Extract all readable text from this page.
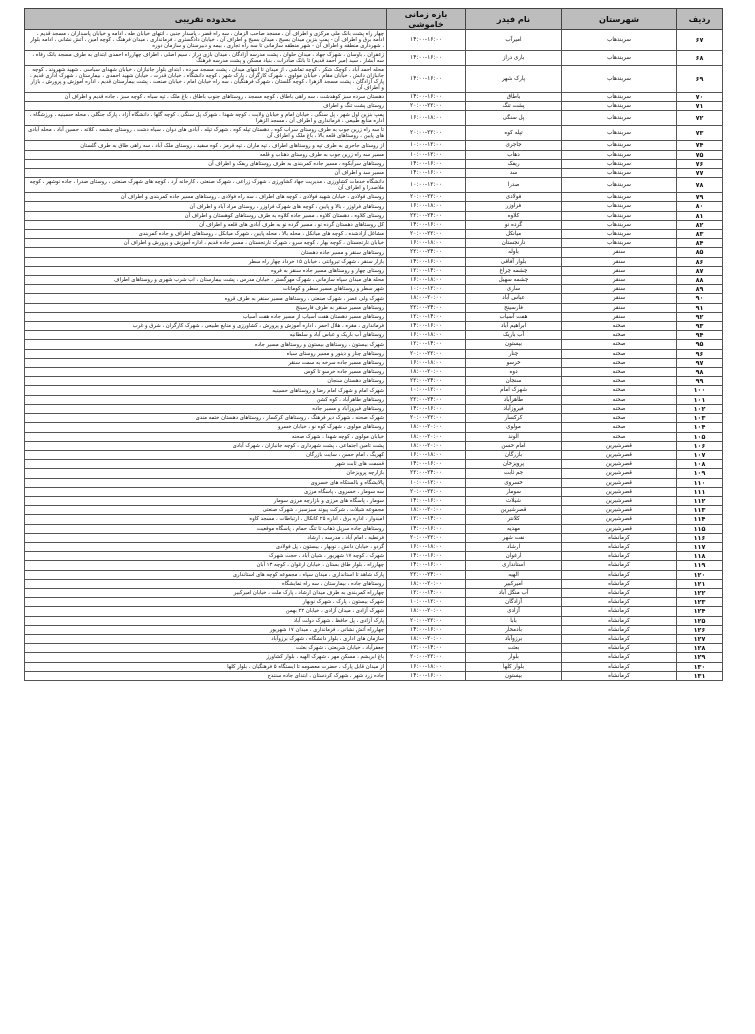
ردیف	شهرستان	نام فیدر	بازه زمانی خاموشی	محدوده تقریبی
۶۷	سربندهاب	امیرآب	۱۴:۰۰-۱۶:۰۰	چهار راه پشت بانک ملی مرکزی و اطراف آن ، مسجد صاحب الزمان ، سه راه قصر ، پاسدار جنبی ، انتهای خیابان طه ، ادامه و خیابان پاسداران ، مسجد قدیم ، ادامه برق و اطراف آن - پمپ بنزین میدان بسیج ، میدان بسیج و اطراف آن ، خیابان دادگستری ، فرمانداری ، میدان فرهنگ ، کوچه امین ، آتش نشانی ، ادامه بلوار ، شهرداری منطقه و اطراف آن - شهر منطقه سازمانی تا سه راه تجاری ، بیمه و دبیرستان و سازمان دوره
۶۸	سربندهاب	باری دراز	۱۴:۰۰-۱۶:۰۰	زعفران ، باوسان ، شهرک جهاد ، میدان حلوان ، پشت مدرسه آزادگان ، میدان بازی دراز ، سیم اصلی ، اطراف چهارراه احمدی ابتدای به طرف مسجد بانک رفاه ، سه آبشار ، سید (میر احمد قدیم) تا بانک صادرات ، بنیاد مسکن و پشت مدرسه فرهنگ
۶۹	سربندهاب	پارک شهر	۱۴:۰۰-۱۶:۰۰	محله احمد آباد ، کوچک شکر ، کوچه تماشی ، از میدان تا انتهای میدان ، پشت مسجد سرده ، ابتدای بلوار جانبازان ، خیابان شهدای سیاسی ، شهید شهروند ، کوچه جانبازان دانش ، خیابان مقام ، خیابان مولوی ، شهرک کارگران ، پارک شهر ، کوچه دانشگاه ، خیابان قدرت ، خیابان شهید احمدی ، بیمارستان ، شهرک اداری قدیم ، پارک آزادگان ، پشت مسجد الزهرا ، کوچه گلستان ، شهرک فرهنگیان ، سه راه خیابان امام ، خیابان صنعت ، پشت بیمارستان قدیم ، اداره آموزش و پرورش ، بازار و اطراف آن
۷۰	سربندهاب	باطاق	۱۴:۰۰-۱۶:۰۰	دهستان سرده سبز کوهدشت ، سه راهی باطاق ، کوچه مسجد ، روستاهای جنوب باطاق ، باغ ملک ، تپه سیاه ، کوچه سبز ، جاده قدیم و اطراف آن
۷۱	سربندهاب	پشت تنگ	۲۰:۰۰-۲۲:۰۰	روستای پشت تنگ و اطراف
۷۲	سربندهاب	پل سنگی	۱۶:۰۰-۱۸:۰۰	پمپ بنزین اول شهر ، پل سنگی ، خیابان امام و خیابان ولایت ، کوچه شهدا ، شهرک پل سنگی ، کوچه گلها ، دانشگاه آزاد ، پارک جنگلی ، محله حسینیه ، ورزشگاه ، اداره منابع طبیعی ، فرمانداری و اطراف آن ، مسجد الزهرا
۷۳	سربندهاب	تپله کوه	۲۰:۰۰-۲۲:۰۰	تا سه راه زرین جوب به طرف روستای سراب کوه ، دهستان تپله کوه ، شهرک تپله ، آبادی های دوان ، سیاه دشت ، روستای چشمه ، کلاته ، حسین آباد ، محله آبادی های پایین ، روستاهای قلعه بالا ، باغ ملک و اطراف آن
۷۴	سربندهاب	جاجری	۱۰:۰۰-۱۲:۰۰	از روستای جاجری به طرف تپه و روستاهای اطراف ، تپه ماران ، تپه قرمز ، کوه سفید ، روستای ملک آباد ، سه راهی طاق به طرف گلستان
۷۵	سربندهاب	دهاب	۱۰:۰۰-۱۲:۰۰	مسیر سه راه زرین جوب به طرف روستای دهناب و قلعه
۷۶	سربندهاب	ریفک	۱۴:۰۰-۱۶:۰۰	روستاهای سرآبکوه ، مسیر جاده کمربندی به طرف روستاهای ریفک و اطراف آن
۷۷	سربندهاب	سد	۱۴:۰۰-۱۶:۰۰	مسیر سد و اطراف آن
۷۸	سربندهاب	صدرا	۱۰:۰۰-۱۲:۰۰	دانشگاه خدمات کشاورزی ، مدیریت جهاد کشاورزی ، شهرک زراعی ، شهرک صنعتی ، کارخانه آرد ، کوچه های شهرک صنعتی ، روستای صدرا ، جاده نوشهر ، کوچه ملاصدرا و اطراف آن
۷۹	سربندهاب	فولادی	۲۰:۰۰-۲۲:۰۰	روستای فولادی ، خیابان شهید فولادی ، کوچه های اطراف ، سه راه فولادی ، روستاهای مسیر جاده کمربندی و اطراف آن
۸۰	سربندهاب	فراوزر	۱۶:۰۰-۱۸:۰۰	روستاهای فراوزر ، بالا و پایین ، کوچه های شهرک فراوزر ، روستای مراد آباد و اطراف آن
۸۱	سربندهاب	کلاوه	۲۲:۰۰-۲۴:۰۰	روستای کلاوه ، دهستان کلاوه ، مسیر جاده کلاوه به طرف روستاهای کوهستان و اطراف آن
۸۲	سربندهاب	گرده نو	۱۴:۰۰-۱۶:۰۰	کل روستاهای دهستان گرده نو ، مسیر گرده نو به طرف آبادی های قلعه و اطراف آن
۸۳	سربندهاب	میانکل	۲۰:۰۰-۲۲:۰۰	مشاغل آزادشده ، کوچه های میانکل ، محله بالا ، محله پایین ، شهرک میانکل ، روستاهای اطراف و جاده کمربندی
۸۴	سربندهاب	نارنجستان	۱۶:۰۰-۱۸:۰۰	خیابان نارنجستان ، کوچه بهار ، کوچه سرو ، شهرک نارنجستان ، مسیر جاده قدیم ، اداره آموزش و پرورش و اطراف آن
۸۵	سنقر	باوله	۲۲:۰۰-۲۴:۰۰	روستاهای سنقر و مسیر جاده دهستان
۸۶	سنقر	بلوار آفاقی	۱۴:۰۰-۱۶:۰۰	بازار سنقر ، شهرک تیروانتی ، خیابان ۱۵ خرداد چهار راه سطر
۸۷	سنقر	چشمه چراغ	۱۲:۰۰-۱۴:۰۰	روستای چهار و روستاهای مسیر جاده سنقر به فروه
۸۸	سنقر	چشمه سهیل	۱۶:۰۰-۱۸:۰۰	محله های میدان سپاه سازمانی ، شهرک مهرگستر ، خیابان مدرس ، پشت بیمارستان ، اب شرب شهری و روستاهای اطراف
۸۹	سنقر	ساری	۱۰:۰۰-۱۲:۰۰	شهر سطر و روستاهای مسیر سطر و کوماتات
۹۰	سنقر	عباس آباد	۱۸:۰۰-۲۰:۰۰	شهرک ولی عصر ، شهرک صنعتی ، روستاهای مسیر سنقر به طرف قروه
۹۱	سنقر	فارسینج	۲۲:۰۰-۲۴:۰۰	روستاهای مسیر سنقر به طرف فارسینج
۹۲	سنقر	هفت آسیاب	۱۲:۰۰-۱۴:۰۰	روستاهای مسیر دهستان هفت آسیاب از مسیر جاده هفت آسیاب
۹۳	صحنه	ابراهیم آباد	۱۴:۰۰-۱۶:۰۰	فرمانداری ، مقره ، هلال احمر ، اداره آموزش و پرورش ، کشاورزی و منابع طبیعی ، شهرک کارگران ، شرق و غرب
۹۴	صحنه	آب باریک	۱۶:۰۰-۱۸:۰۰	روستاهای آب باریک و عباس آباد و سلطانیه
۹۵	صحنه	بیستون	۱۲:۰۰-۱۴:۰۰	شهرک بیستون ، روستاهای بیستون و روستاهای مسیر جاده
۹۶	صحنه	چنار	۲۰:۰۰-۲۲:۰۰	روستاهای چنار و دینور و مسیر روستای سیاه
۹۷	صحنه	خرسو	۱۶:۰۰-۱۸:۰۰	روستاهای مسیر جاده سرخه به سمت سنقر
۹۸	صحنه	دوه	۱۸:۰۰-۲۰:۰۰	روستاهای مسیر جاده خرسو تا کوس
۹۹	صحنه	سنجان	۲۲:۰۰-۲۴:۰۰	روستاهای دهستان سنجان
۱۰۰	صحنه	شهرک امام	۱۰:۰۰-۱۲:۰۰	شهرک امام و شهرک امام رضا و روستاهای حسینیه
۱۰۱	صحنه	طاهرآباد	۲۲:۰۰-۲۴:۰۰	روستاهای طاهرآباد ، کوه کشن
۱۰۲	صحنه	فیروزآباد	۱۴:۰۰-۱۶:۰۰	روستاهای فیروزآباد و مسیر جاده
۱۰۳	صحنه	کرکسار	۲۰:۰۰-۲۲:۰۰	شهرک صحنه ، شهرک دیر فرهنگ ، روستاهای کرکسار ، روستاهای دهستان ختمه مندی
۱۰۴	صحنه	مولوی	۱۸:۰۰-۲۰:۰۰	روستاهای مولوی ، شهرک کوه نو ، خیابان خسرو
۱۰۵	صحنه	الوند	۱۸:۰۰-۲۰:۰۰	خیابان مولوی ، کوچه شهدا ، شهرک صحنه
۱۰۶	قصرشیرین	امام حسن	۱۸:۰۰-۲۰:۰۰	پشت تامین اجتماعی ، پشت شهرداری ، کوچه جانبازان ، شهرک آبادی
۱۰۷	قصرشیرین	بازرگان	۱۶:۰۰-۱۸:۰۰	کهریگ ، امام حسن ، سایت بازرگان
۱۰۸	قصرشیرین	پرویزخان	۱۴:۰۰-۱۶:۰۰	قسمت های ثابت شهر
۱۰۹	قصرشیرین	جم ثابت	۲۲:۰۰-۲۴:۰۰	بازارچه پرویزخان
۱۱۰	قصرشیرین	خسروی	۱۰:۰۰-۱۲:۰۰	پالایشگاه و بالستکاه های خسروی
۱۱۱	قصرشیرین	سومار	۲۰:۰۰-۲۲:۰۰	سه سومار ، خسروی ، پاسگاه مرزی
۱۱۲	قصرشیرین	شیلات	۱۴:۰۰-۱۶:۰۰	سومار ، پاسگاه های مرزی و بازارچه مرزی سومار
۱۱۳	قصرشیرین	قصرشیرین	۱۸:۰۰-۲۰:۰۰	مجموعه شیلات ، شرکت پیوند سبزسبز ، شهرک صنعتی
۱۱۴	قصرشیرین	کلانتر	۱۲:۰۰-۱۴:۰۰	امیدوار ، اداره برق ، اداره ۲۵ کانکال ، ارتباطات ، مسجد کاوه
۱۱۵	قصرشیرین	مهدیه	۱۴:۰۰-۱۶:۰۰	روستاهای جاده سرپل ذهاب تا تنگ حمام ، پاسگاه موقعیت
۱۱۶	کرمانشاه	نفت شهر	۲۰:۰۰-۲۲:۰۰	فرنطیه ، امام آباد ، مدرسه ، ارشاد
۱۱۷	کرمانشاه	ارشاد	۱۶:۰۰-۱۸:۰۰	گردو ، خیابان دانش ، نوبهار ، بیستون ، پل فولادی
۱۱۸	کرمانشاه	ارغوان	۱۴:۰۰-۱۶:۰۰	شهرک ، کوچه ۱۷ شهریور ، شیان آباد ، حجت شهرک
۱۱۹	کرمانشاه	استانداری	۱۴:۰۰-۱۶:۰۰	چهارراه ، بلوار طاق بستان ، خیابان ارغوان ، کوچه ۱۳ آبان
۱۲۰	کرمانشاه	الهیه	۲۲:۰۰-۲۴:۰۰	پارک شاهد تا استانداری ، میدان سپاه ، مجموعه کوچه های استانداری
۱۲۱	کرمانشاه	امیرکبیر	۱۸:۰۰-۲۰:۰۰	روستاهای جاده ، بیمارستان ، سه راه نمایشگاه
۱۲۲	کرمانشاه	آب منگل آباد	۱۲:۰۰-۱۴:۰۰	چهارراه کمربندی به طرف میدان ارشاد ، پارک ملت ، خیابان امیرکبیر
۱۲۳	کرمانشاه	آزادگان	۱۰:۰۰-۱۲:۰۰	شهرک بیستون ، پارک ، شهرک نوبهار
۱۲۴	کرمانشاه	آزادی	۱۸:۰۰-۲۰:۰۰	شهرک آزادی ، میدان آزادی ، خیابان ۲۲ بهمن
۱۲۵	کرمانشاه	بابا	۲۰:۰۰-۲۲:۰۰	پارک آزادی ، پل حافظ ، شهرک دولت آباد
۱۲۶	کرمانشاه	بادمحار	۱۴:۰۰-۱۶:۰۰	چهارراه آتش نشانی ، فرمانداری ، میدان ۱۷ شهریور
۱۲۷	کرمانشاه	برزوآباد	۱۸:۰۰-۲۰:۰۰	سازمان های اداری ، بلوار دانشگاه ، شهرک برزوآباد
۱۲۸	کرمانشاه	بعثت	۱۲:۰۰-۱۴:۰۰	جعفرآباد ، خیابان شریعتی ، شهرک بعثت
۱۲۹	کرمانشاه	بلوار	۲۰:۰۰-۲۲:۰۰	باغ ابریشم ، مسکن مهر ، شهرک الهیه ، بلوار کشاورز
۱۳۰	کرمانشاه	بلوار کلها	۱۶:۰۰-۱۸:۰۰	از میدان قابل پارک ، حضرت معصومه تا ایستگاه ۵ فرهنگیان ، بلوار کلها
۱۳۱	کرمانشاه	بیستون	۱۴:۰۰-۱۶:۰۰	جاده زرد شهر ، شهرک کردستان ، ابتدای جاده سنندج
